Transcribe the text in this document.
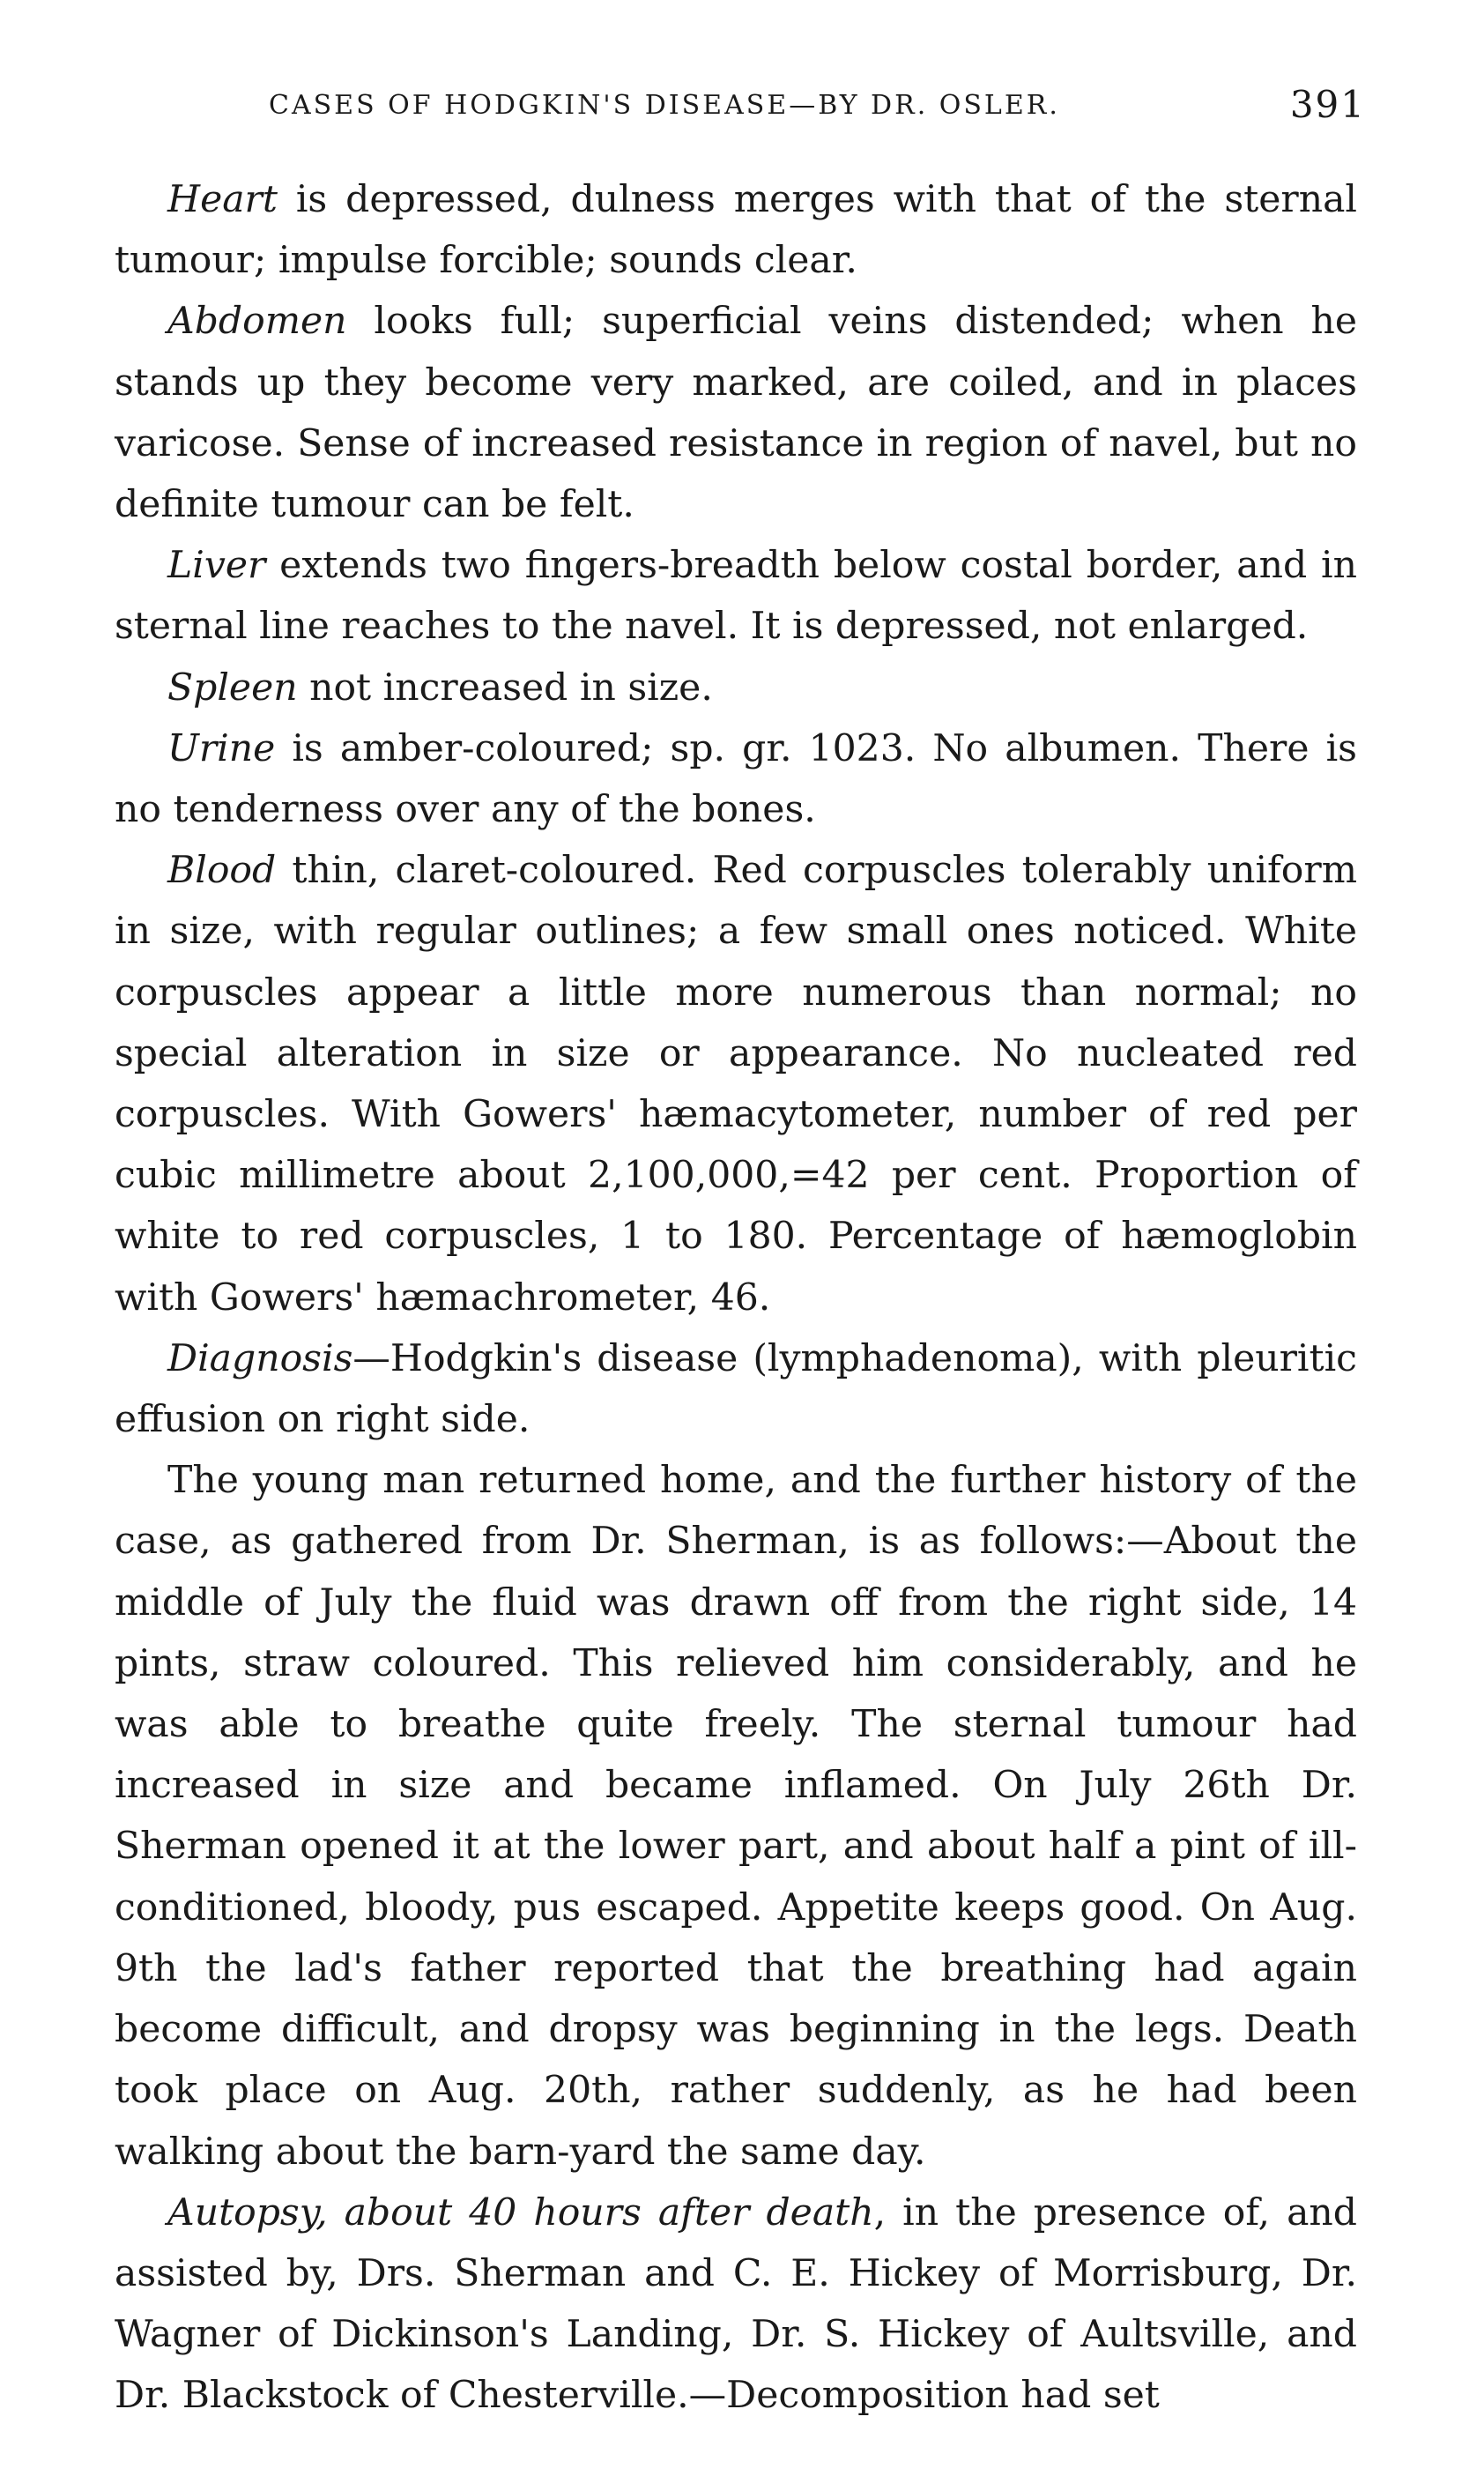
CASES OF HODGKIN'S DISEASE—BY DR. OSLER.	391

Heart is depressed, dulness merges with that of the sternal tumour; impulse forcible; sounds clear.

Abdomen looks full; superficial veins distended; when he stands up they become very marked, are coiled, and in places varicose. Sense of increased resistance in region of navel, but no definite tumour can be felt.

Liver extends two fingers-breadth below costal border, and in sternal line reaches to the navel. It is depressed, not enlarged.

Spleen not increased in size.

Urine is amber-coloured; sp. gr. 1023. No albumen. There is no tenderness over any of the bones.

Blood thin, claret-coloured. Red corpuscles tolerably uniform in size, with regular outlines; a few small ones noticed. White corpuscles appear a little more numerous than normal; no special alteration in size or appearance. No nucleated red corpuscles. With Gowers' hæmacytometer, number of red per cubic millimetre about 2,100,000,=42 per cent. Proportion of white to red corpuscles, 1 to 180. Percentage of hæmoglobin with Gowers' hæmachrometer, 46.

Diagnosis—Hodgkin's disease (lymphadenoma), with pleuritic effusion on right side.

The young man returned home, and the further history of the case, as gathered from Dr. Sherman, is as follows:—About the middle of July the fluid was drawn off from the right side, 14 pints, straw coloured. This relieved him considerably, and he was able to breathe quite freely. The sternal tumour had increased in size and became inflamed. On July 26th Dr. Sherman opened it at the lower part, and about half a pint of ill-conditioned, bloody, pus escaped. Appetite keeps good. On Aug. 9th the lad's father reported that the breathing had again become difficult, and dropsy was beginning in the legs. Death took place on Aug. 20th, rather suddenly, as he had been walking about the barn-yard the same day.

Autopsy, about 40 hours after death, in the presence of, and assisted by, Drs. Sherman and C. E. Hickey of Morrisburg, Dr. Wagner of Dickinson's Landing, Dr. S. Hickey of Aultsville, and Dr. Blackstock of Chesterville.—Decomposition had set
